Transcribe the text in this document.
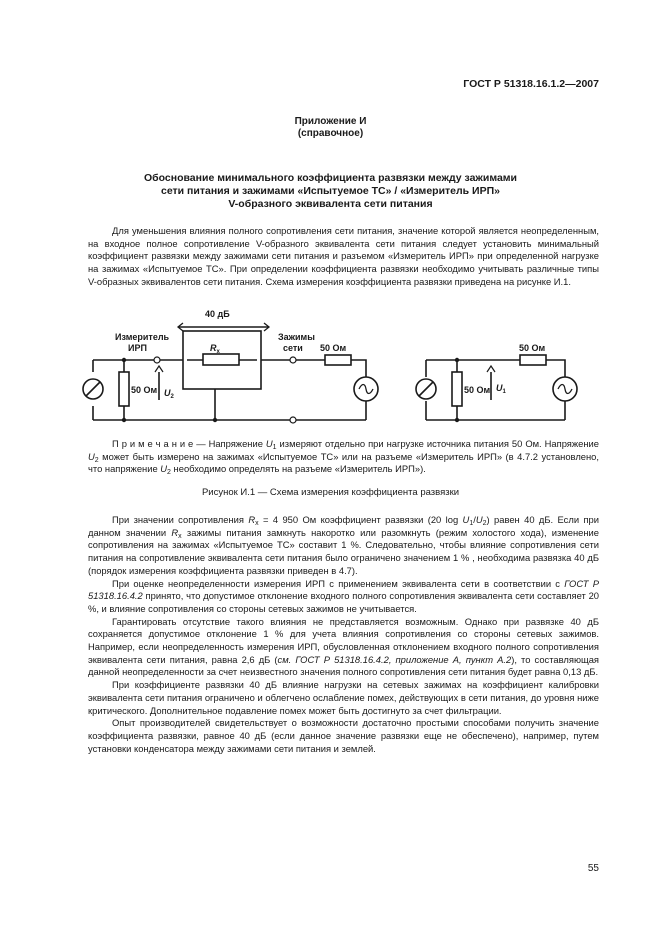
ГОСТ Р 51318.16.1.2—2007
Приложение И
(справочное)
Обоснование минимального коэффициента развязки между зажимами
сети питания и зажимами «Испытуемое ТС» / «Измеритель ИРП»
V-образного эквивалента сети питания

Для уменьшения влияния полного сопротивления сети питания, значение которой является неопределенным, на входное полное сопротивление V-образного эквивалента сети питания следует установить минимальный коэффициент развязки между зажимами сети питания и разъемом «Измеритель ИРП» при определенной нагрузке на зажимах «Испытуемое ТС». При определении коэффициента развязки необходимо учитывать различные типы V-образных эквивалентов сети питания. Схема измерения коэффициента развязки приведена на рисунке И.1.

40 дБ
Измеритель
ИРП	$R_x$
Зажимы
сети 50 Ом
50 Ом $U_2$
50 Ом
50 Ом $U_1$

П р и м е ч а н и е — Напряжение $U_1$ измеряют отдельно при нагрузке источника питания 50 Ом. Напряжение $U_2$ может быть измерено на зажимах «Испытуемое ТС» или на разъеме «Измеритель ИРП» (в 4.7.2 установлено, что напряжение $U_2$ необходимо определять на разъеме «Измеритель ИРП»).

Рисунок И.1 — Схема измерения коэффициента развязки

При значении сопротивления $R_x = 4$ 950 Ом коэффициент развязки (20 $\log U_1/U_2$) равен 40 дБ. Если при данном значении $R_x$ зажимы питания замкнуть накоротко или разомкнуть (режим холостого хода), изменение сопротивления на зажимах «Испытуемое ТС» составит 1 %. Следовательно, чтобы влияние сопротивления сети питания на сопротивление эквивалента сети питания было ограничено значением 1 % , необходима развязка 40 дБ (порядок измерения коэффициента развязки приведен в 4.7).

При оценке неопределенности измерения ИРП с применением эквивалента сети в соответствии с ГОСТ Р 51318.16.4.2 принято, что допустимое отклонение входного полного сопротивления эквивалента сети составляет 20 %, и влияние сопротивления со стороны сетевых зажимов не учитывается.

Гарантировать отсутствие такого влияния не представляется возможным. Однако при развязке 40 дБ сохраняется допустимое отклонение 1 % для учета влияния сопротивления со стороны сетевых зажимов. Например, если неопределенность измерения ИРП, обусловленная отклонением входного полного сопротивления эквивалента сети питания, равна 2,6 дБ (см. ГОСТ Р 51318.16.4.2, приложение А, пункт А.2), то составляющая данной неопределенности за счет неизвестного значения полного сопротивления сети питания будет равна 0,13 дБ.

При коэффициенте развязки 40 дБ влияние нагрузки на сетевых зажимах на коэффициент калибровки эквивалента сети питания ограничено и облегчено ослабление помех, действующих в сети питания, до уровня ниже критического. Дополнительное подавление помех может быть достигнуто за счет фильтрации.

Опыт производителей свидетельствует о возможности достаточно простыми способами получить значение коэффициента развязки, равное 40 дБ (если данное значение развязки еще не обеспечено), например, путем установки конденсатора между зажимами сети питания и землей.

55
